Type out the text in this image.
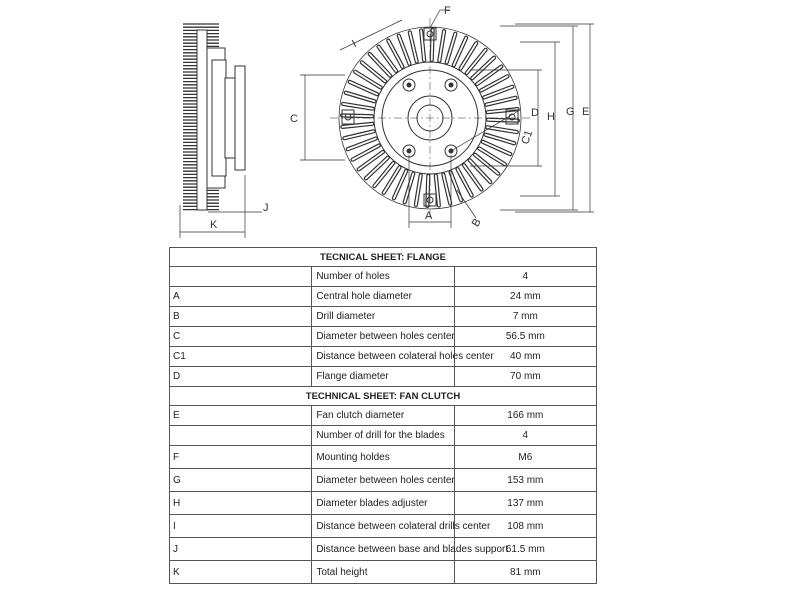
K
J
C	D H G E
C1
A
B
F
I
TECNICAL SHEET: FLANGE		
	Number of holes	4
A	Central hole diameter	24 mm
B	Drill diameter	7 mm
C	Diameter between holes center	56.5 mm
C1	Distance between colateral holes center	40 mm
D	Flange diameter	70 mm
TECHNICAL SHEET: FAN CLUTCH		
E	Fan clutch diameter	166 mm
	Number of drill for the blades	4
F	Mounting holdes	M6
G	Diameter between holes center	153 mm
H	Diameter blades adjuster	137 mm
I	Distance between colateral drills center	108 mm
J	Distance between base and blades support	61.5 mm
K	Total height	81 mm
